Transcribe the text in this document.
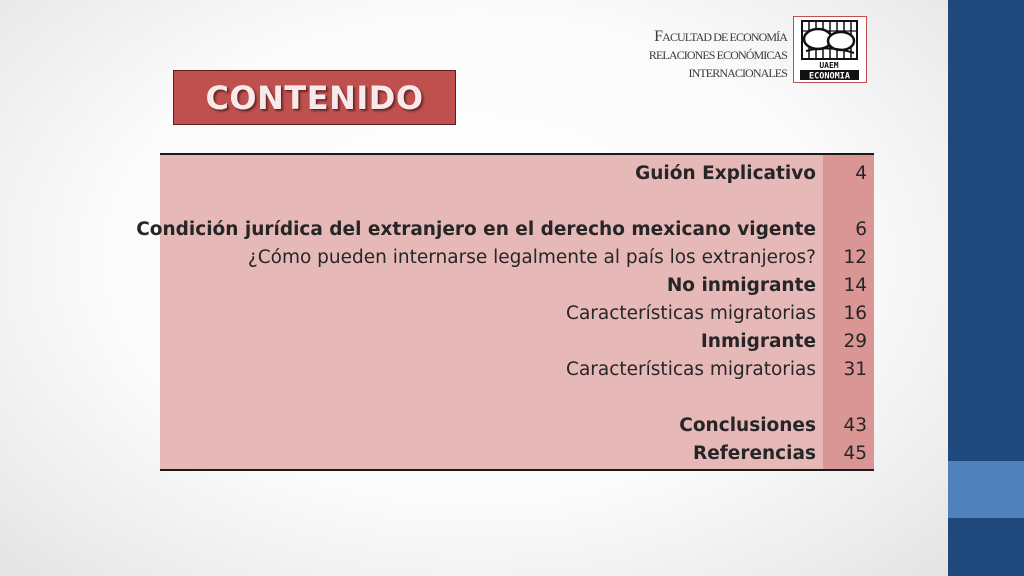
FACULTAD DE ECONOMÍA
RELACIONES ECONÓMICAS
INTERNACIONALES
UAEM
ECONOMIA
CONTENIDO
Guión Explicativo 4
Condición jurídica del extranjero en el derecho mexicano vigente 6
¿Cómo pueden internarse legalmente al país los extranjeros? 12
No inmigrante 14
Características migratorias 16
Inmigrante 29
Características migratorias 31
Conclusiones 43
Referencias 45
